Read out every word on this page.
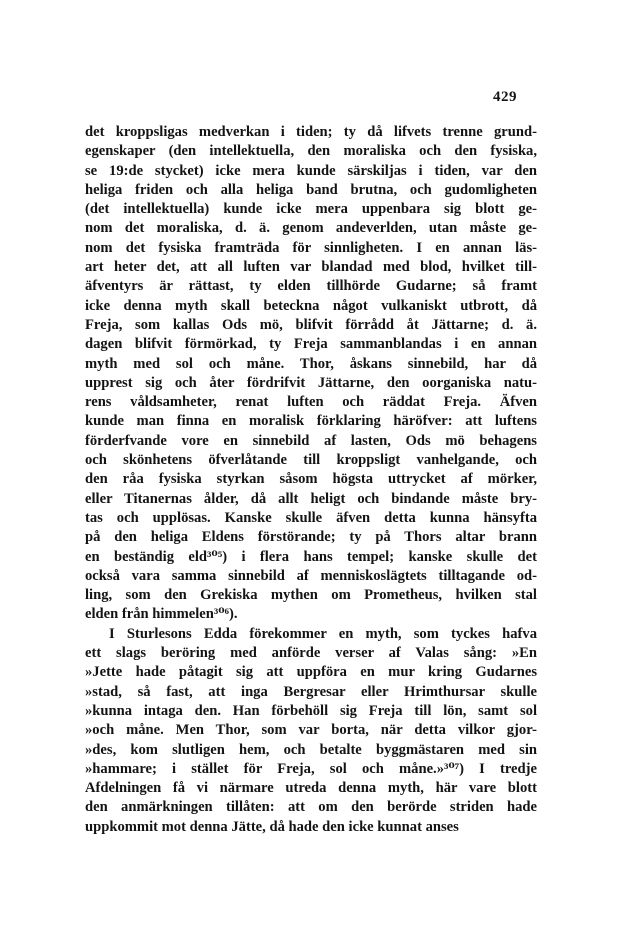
429
det kroppsligas medverkan i tiden; ty då lifvets trenne grund-
egenskaper (den intellektuella, den moraliska och den fysiska,
se 19:de stycket) icke mera kunde särskiljas i tiden, var den
heliga friden och alla heliga band brutna, och gudomligheten
(det intellektuella) kunde icke mera uppenbara sig blott ge-
nom det moraliska, d. ä. genom andeverlden, utan måste ge-
nom det fysiska framträda för sinnligheten. I en annan läs-
art heter det, att all luften var blandad med blod, hvilket till-
äfventyrs är rättast, ty elden tillhörde Gudarne; så framt
icke denna myth skall beteckna något vulkaniskt utbrott, då
Freja, som kallas Ods mö, blifvit förrådd åt Jättarne; d. ä.
dagen blifvit förmörkad, ty Freja sammanblandas i en annan
myth med sol och måne. Thor, åskans sinnebild, har då
upprest sig och åter fördrifvit Jättarne, den oorganiska natu-
rens våldsamheter, renat luften och räddat Freja. Äfven
kunde man finna en moralisk förklaring häröfver: att luftens
förderfvande vore en sinnebild af lasten, Ods mö behagens
och skönhetens öfverlåtande till kroppsligt vanhelgande, och
den råa fysiska styrkan såsom högsta uttrycket af mörker,
eller Titanernas ålder, då allt heligt och bindande måste bry-
tas och upplösas. Kanske skulle äfven detta kunna hänsyfta
på den heliga Eldens förstörande; ty på Thors altar brann
en beständig eld³⁰⁵) i flera hans tempel; kanske skulle det
också vara samma sinnebild af menniskoslägtets tilltagande od-
ling, som den Grekiska mythen om Prometheus, hvilken stal
elden från himmelen³⁰⁶).
I Sturlesons Edda förekommer en myth, som tyckes hafva
ett slags beröring med anförde verser af Valas sång: »En
»Jette hade påtagit sig att uppföra en mur kring Gudarnes
»stad, så fast, att inga Bergresar eller Hrimthursar skulle
»kunna intaga den. Han förbehöll sig Freja till lön, samt sol
»och måne. Men Thor, som var borta, när detta vilkor gjor-
»des, kom slutligen hem, och betalte byggmästaren med sin
»hammare; i stället för Freja, sol och måne.»³⁰⁷) I tredje
Afdelningen få vi närmare utreda denna myth, här vare blott
den anmärkningen tillåten: att om den berörde striden hade
uppkommit mot denna Jätte, då hade den icke kunnat anses
